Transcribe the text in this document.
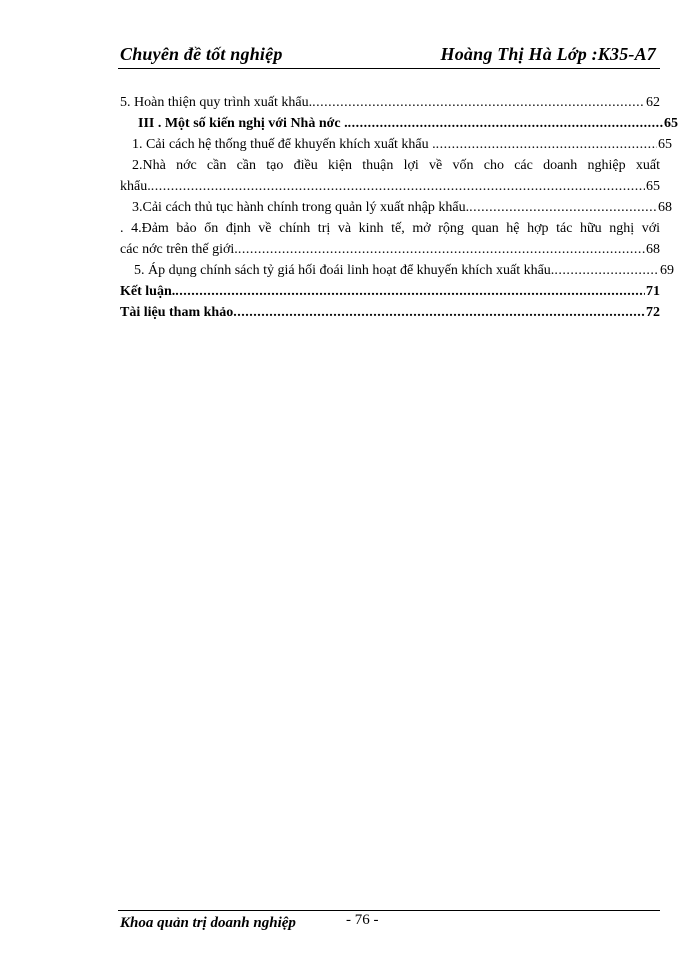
Chuyên đề tốt nghiệp	Hoàng Thị Hà Lớp :K35-A7
5. Hoàn thiện quy trình xuất khẩu. .....	62
III . Một số kiến nghị với Nhà nớc . .....	65
1. Cải cách hệ thống thuế để khuyến khích xuất khẩu . .....	65
2.Nhà nớc cần cần tạo điều kiện thuận lợi về vốn cho các doanh nghiệp xuất
khẩu. .....	65
3.Cải cách thủ tục hành chính trong quản lý xuất nhập khẩu. .....	68
. 4.Đảm bảo ổn định về chính trị và kinh tế, mở rộng quan hệ hợp tác hữu nghị với
các nớc trên thế giới. .....	68
5. Áp dụng chính sách tỷ giá hối đoái linh hoạt để khuyến khích xuất khẩu. .....	69
Kết luận. .....	71
Tài liệu tham khảo .....	72
Khoa quản trị doanh nghiệp	- 76 -
